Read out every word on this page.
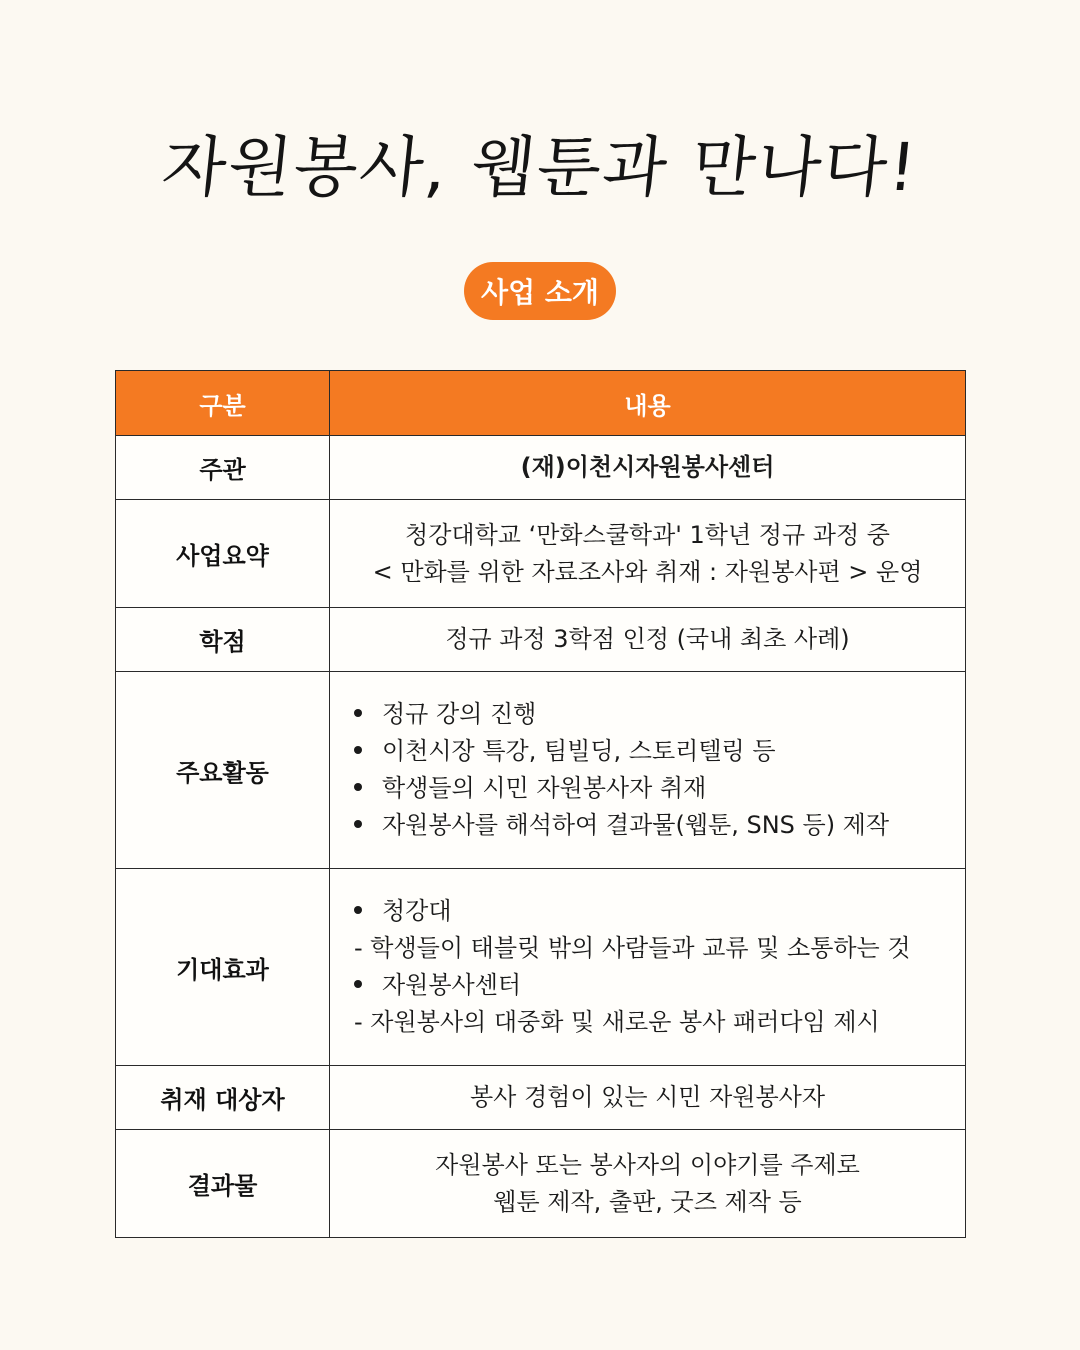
자원봉사, 웹툰과 만나다!
사업 소개
구분	내용
주관	(재)이천시자원봉사센터
사업요약	청강대학교 ‘만화스쿨학과' 1학년 정규 과정 중
< 만화를 위한 자료조사와 취재 : 자원봉사편 > 운영

학점	정규 과정 3학점 인정 (국내 최초 사례)
주요활동	정규 강의 진행
이천시장 특강, 팀빌딩, 스토리텔링 등
학생들의 시민 자원봉사자 취재
자원봉사를 해석하여 결과물(웹툰, SNS 등) 제작

기대효과	청강대
- 학생들이 태블릿 밖의 사람들과 교류 및 소통하는 것
자원봉사센터
- 자원봉사의 대중화 및 새로운 봉사 패러다임 제시

취재 대상자	봉사 경험이 있는 시민 자원봉사자
결과물	자원봉사 또는 봉사자의 이야기를 주제로
웹툰 제작, 출판, 굿즈 제작 등
